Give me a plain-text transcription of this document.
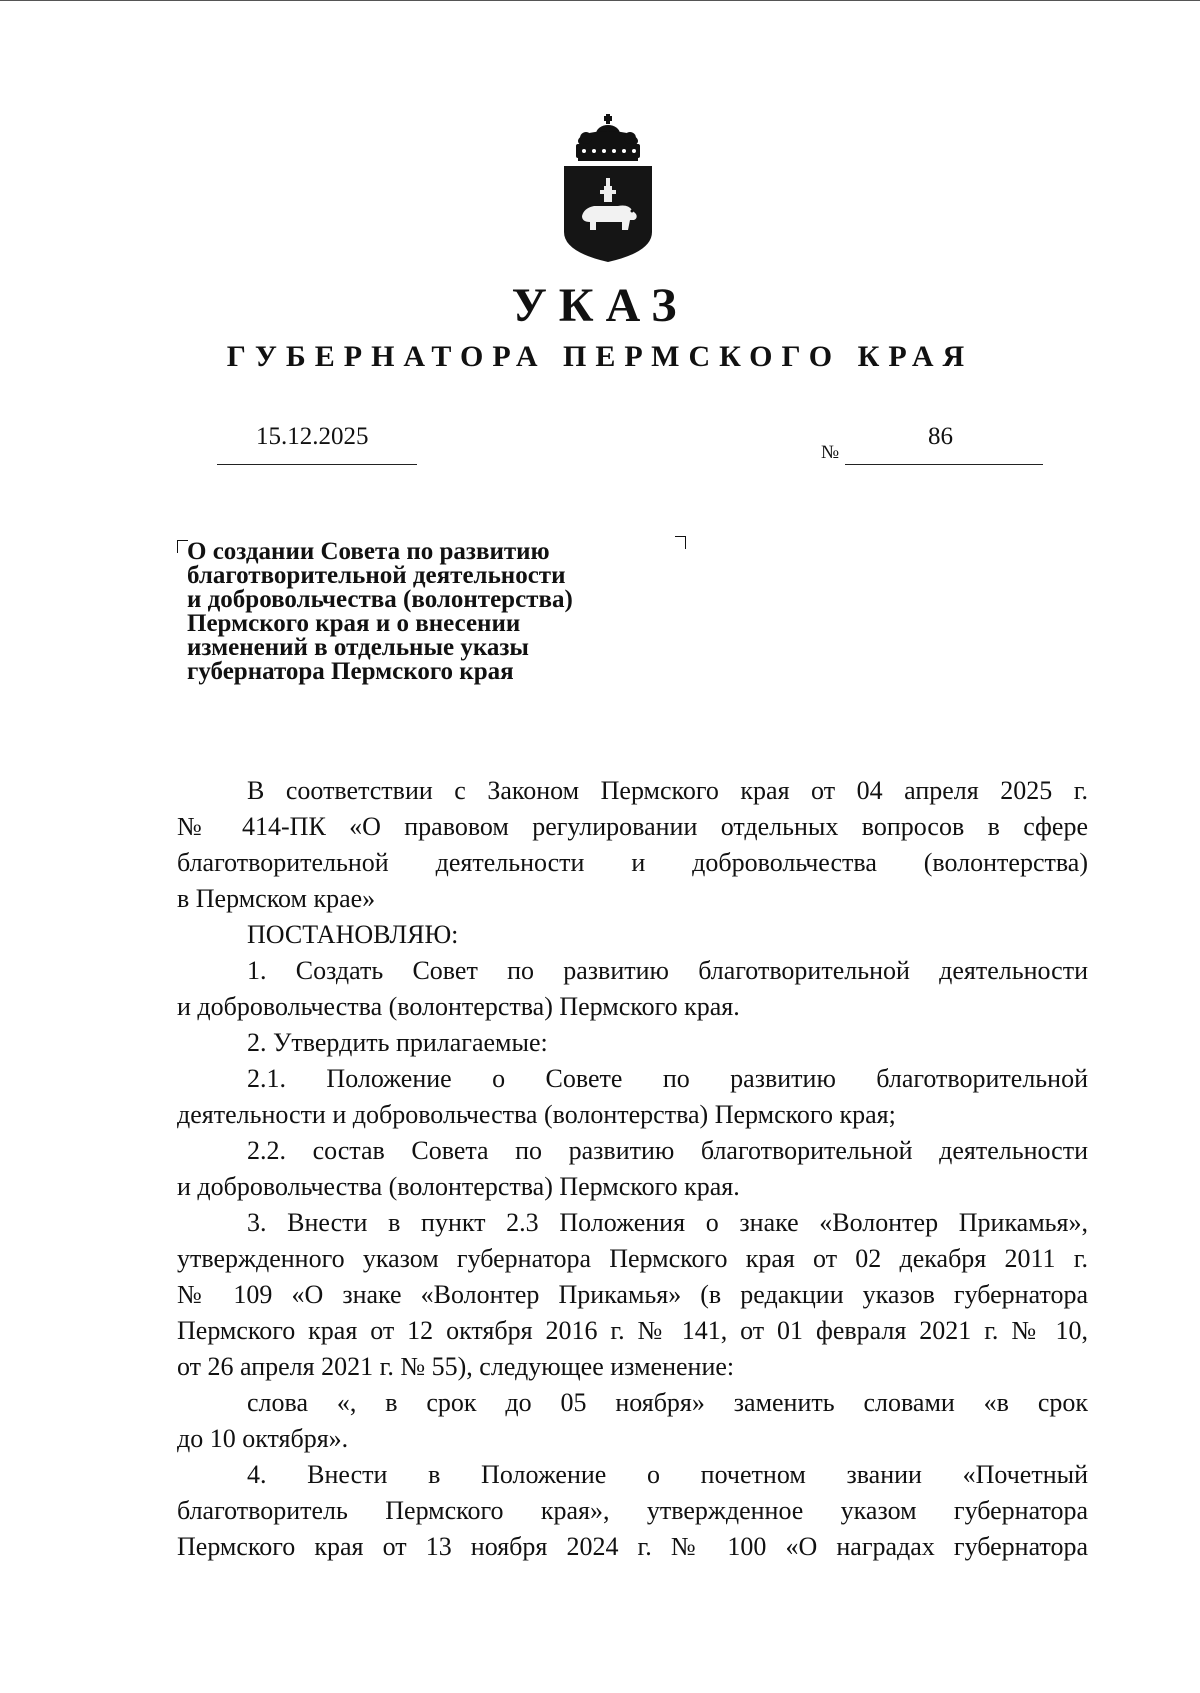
УКАЗ
ГУБЕРНАТОРА ПЕРМСКОГО КРАЯ
15.12.2025
№
86
О создании Совета по развитию
благотворительной деятельности
и добровольчества (волонтерства)
Пермского края и о внесении
изменений в отдельные указы
губернатора Пермского края
В соответствии с Законом Пермского края от 04 апреля 2025 г.
№ 414-ПК «О правовом регулировании отдельных вопросов в сфере
благотворительной деятельности и добровольчества (волонтерства)
в Пермском крае»
ПОСТАНОВЛЯЮ:
1. Создать Совет по развитию благотворительной деятельности
и добровольчества (волонтерства) Пермского края.
2. Утвердить прилагаемые:
2.1. Положение о Совете по развитию благотворительной
деятельности и добровольчества (волонтерства) Пермского края;
2.2. состав Совета по развитию благотворительной деятельности
и добровольчества (волонтерства) Пермского края.
3. Внести в пункт 2.3 Положения о знаке «Волонтер Прикамья»,
утвержденного указом губернатора Пермского края от 02 декабря 2011 г.
№ 109 «О знаке «Волонтер Прикамья» (в редакции указов губернатора
Пермского края от 12 октября 2016 г. № 141, от 01 февраля 2021 г. № 10,
от 26 апреля 2021 г. № 55), следующее изменение:
слова «, в срок до 05 ноября» заменить словами «в срок
до 10 октября».
4. Внести в Положение о почетном звании «Почетный
благотворитель Пермского края», утвержденное указом губернатора
Пермского края от 13 ноября 2024 г. № 100 «О наградах губернатора
